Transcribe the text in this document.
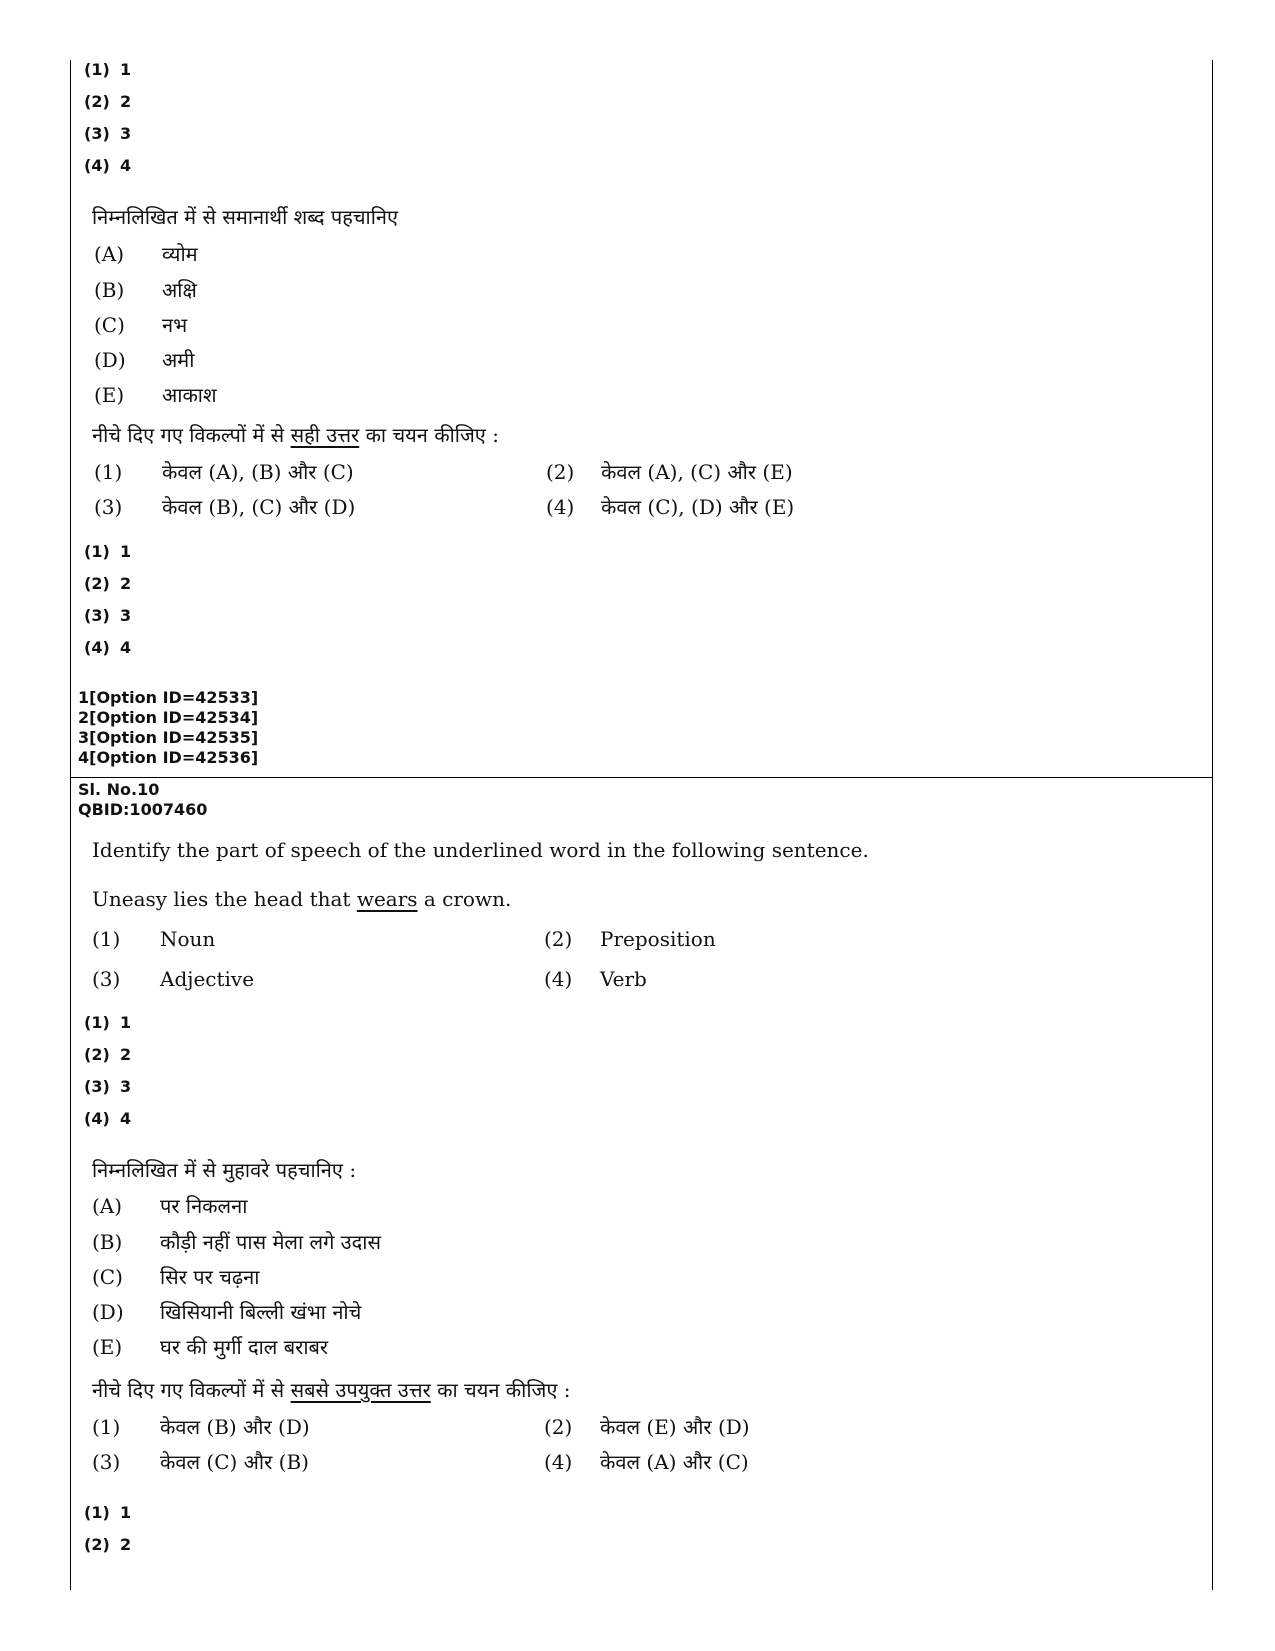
(1) 1
(2) 2
(3) 3
(4) 4
निम्नलिखित में से समानार्थी शब्द पहचानिए
(A) व्योम
(B) अक्षि
(C) नभ
(D) अमी
(E) आकाश
नीचे दिए गए विकल्पों में से सही उत्तर का चयन कीजिए :
(1) केवल (A), (B) और (C)	(2) केवल (A), (C) और (E)
(3) केवल (B), (C) और (D)	(4) केवल (C), (D) और (E)
(1) 1
(2) 2
(3) 3
(4) 4
1[Option ID=42533]
2[Option ID=42534]
3[Option ID=42535]
4[Option ID=42536]
Sl. No.10
QBID:1007460
Identify the part of speech of the underlined word in the following sentence.
Uneasy lies the head that wears a crown.
(1) Noun	(2) Preposition
(3) Adjective	(4) Verb
(1) 1
(2) 2
(3) 3
(4) 4
निम्नलिखित में से मुहावरे पहचानिए :
(A) पर निकलना
(B) कौड़ी नहीं पास मेला लगे उदास
(C) सिर पर चढ़ना
(D) खिसियानी बिल्ली खंभा नोचे
(E) घर की मुर्गी दाल बराबर
नीचे दिए गए विकल्पों में से सबसे उपयुक्त उत्तर का चयन कीजिए :
(1) केवल (B) और (D)	(2) केवल (E) और (D)
(3) केवल (C) और (B)	(4) केवल (A) और (C)
(1) 1
(2) 2
